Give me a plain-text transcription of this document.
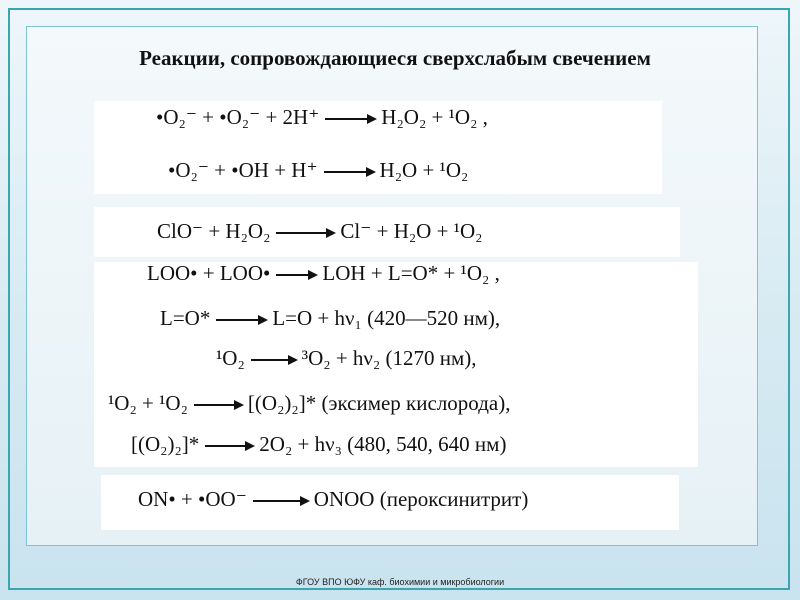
Реакции, сопровождающиеся сверхслабым свечением
•O₂⁻ + •O₂⁻ + 2H⁺	H₂O₂ + ¹O₂ ,
•O₂⁻ + •OH + H⁺	H₂O + ¹O₂
ClO⁻ + H₂O₂	Cl⁻ + H₂O + ¹O₂
LOO• + LOO• LOH + L=O* + ¹O₂ ,
L=O*	L=O + hν₁ (420—520 нм),
¹O₂	³O₂ + hν₂ (1270 нм),
¹O₂ + ¹O₂	[(O₂)₂]* (эксимер кислорода),
[(O₂)₂]*	2O₂ + hν₃ (480, 540, 640 нм)
ON• + •OO⁻	ONOO (пероксинитрит)
ФГОУ ВПО ЮФУ каф. биохимии и микробиологии
